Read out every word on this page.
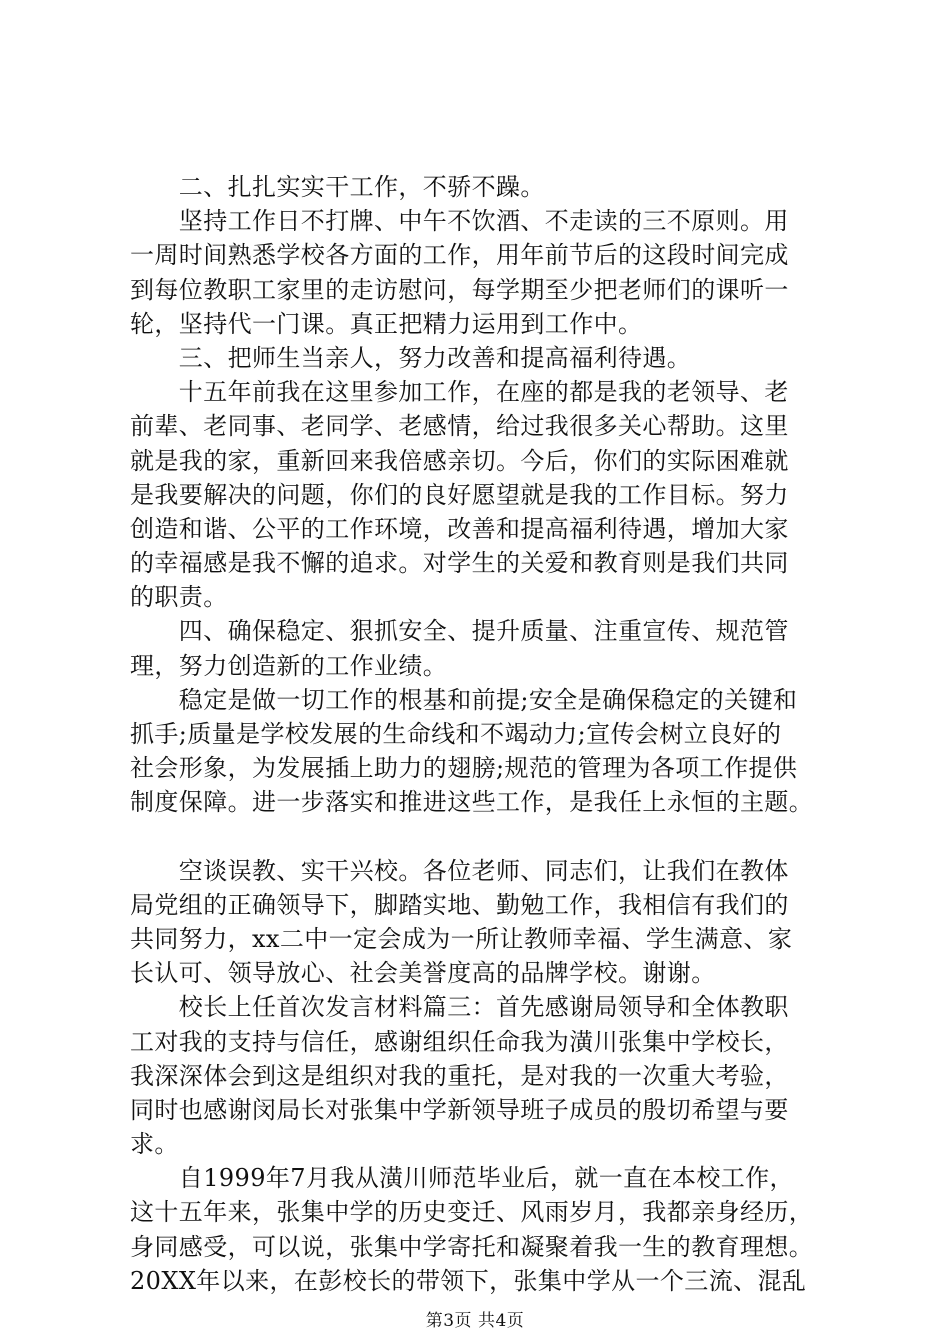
　　二、扎扎实实干工作，不骄不躁。
　　坚持工作日不打牌、中午不饮酒、不走读的三不原则。用
一周时间熟悉学校各方面的工作，用年前节后的这段时间完成
到每位教职工家里的走访慰问，每学期至少把老师们的课听一
轮，坚持代一门课。真正把精力运用到工作中。
　　三、把师生当亲人，努力改善和提高福利待遇。
　　十五年前我在这里参加工作，在座的都是我的老领导、老
前辈、老同事、老同学、老感情，给过我很多关心帮助。这里
就是我的家，重新回来我倍感亲切。今后，你们的实际困难就
是我要解决的问题，你们的良好愿望就是我的工作目标。努力
创造和谐、公平的工作环境，改善和提高福利待遇，增加大家
的幸福感是我不懈的追求。对学生的关爱和教育则是我们共同
的职责。
　　四、确保稳定、狠抓安全、提升质量、注重宣传、规范管
理，努力创造新的工作业绩。
　　稳定是做一切工作的根基和前提;安全是确保稳定的关键和
抓手;质量是学校发展的生命线和不竭动力;宣传会树立良好的
社会形象，为发展插上助力的翅膀;规范的管理为各项工作提供
制度保障。进一步落实和推进这些工作，是我任上永恒的主题。
　　空谈误教、实干兴校。各位老师、同志们，让我们在教体
局党组的正确领导下，脚踏实地、勤勉工作，我相信有我们的
共同努力，xx二中一定会成为一所让教师幸福、学生满意、家
长认可、领导放心、社会美誉度高的品牌学校。谢谢。
　　校长上任首次发言材料篇三：首先感谢局领导和全体教职
工对我的支持与信任，感谢组织任命我为潢川张集中学校长，
我深深体会到这是组织对我的重托，是对我的一次重大考验，
同时也感谢闵局长对张集中学新领导班子成员的殷切希望与要
求。
　　自1999年7月我从潢川师范毕业后，就一直在本校工作，
这十五年来，张集中学的历史变迁、风雨岁月，我都亲身经历，
身同感受，可以说，张集中学寄托和凝聚着我一生的教育理想。
20XX年以来，在彭校长的带领下，张集中学从一个三流、混乱
第3页 共4页
